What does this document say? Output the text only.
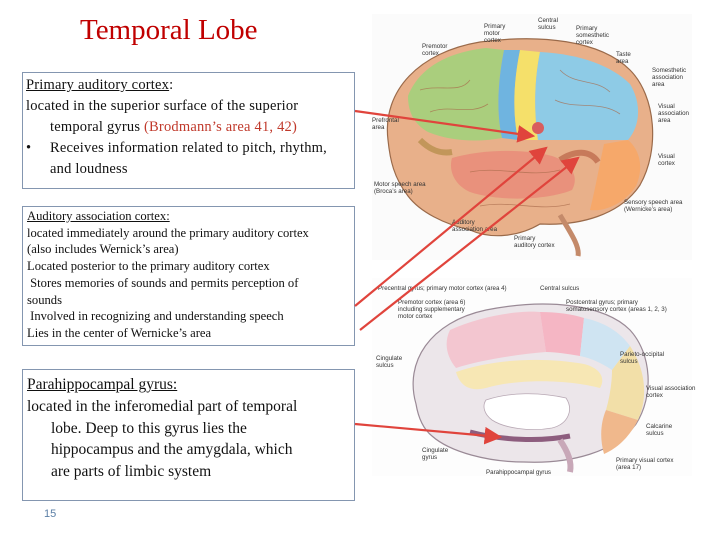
Temporal Lobe
Primary auditory cortex:
located in the superior surface of the superior
temporal gyrus (Brodmann’s area 41, 42)
•	Receives information related to pitch, rhythm,
and loudness
Auditory association cortex:
located immediately around the primary auditory cortex
(also includes Wernick’s area)
Located posterior to the primary auditory cortex
Stores memories of sounds and permits perception of
sounds
Involved in recognizing and understanding speech
Lies in the center of Wernicke’s area
Parahippocampal gyrus:
located in the inferomedial part of temporal
lobe. Deep to this gyrus lies the
hippocampus and the amygdala, which
are parts of limbic system
15
Central
sulcus
Primary
motor
cortex
Primary
somesthetic
cortex
Premotor
cortex	Taste
area
Somesthetic
association
area
Prefrontal
area
Visual
association
area
Visual
cortex
Motor speech area
(Broca’s area)
Sensory speech area
(Wernicke’s area)
Auditory
association area
Primary
auditory cortex
Precentral gyrus; primary motor cortex (area 4)	Central sulcus
Premotor cortex (area 6)
including supplementary
motor cortex
Postcentral gyrus; primary
somatosensory cortex (areas 1, 2, 3)
Cingulate
sulcus
Parieto-occipital
sulcus
Visual association
cortex
Calcarine
sulcus
Cingulate
gyrus	Primary visual cortex
(area 17)
Parahippocampal gyrus
